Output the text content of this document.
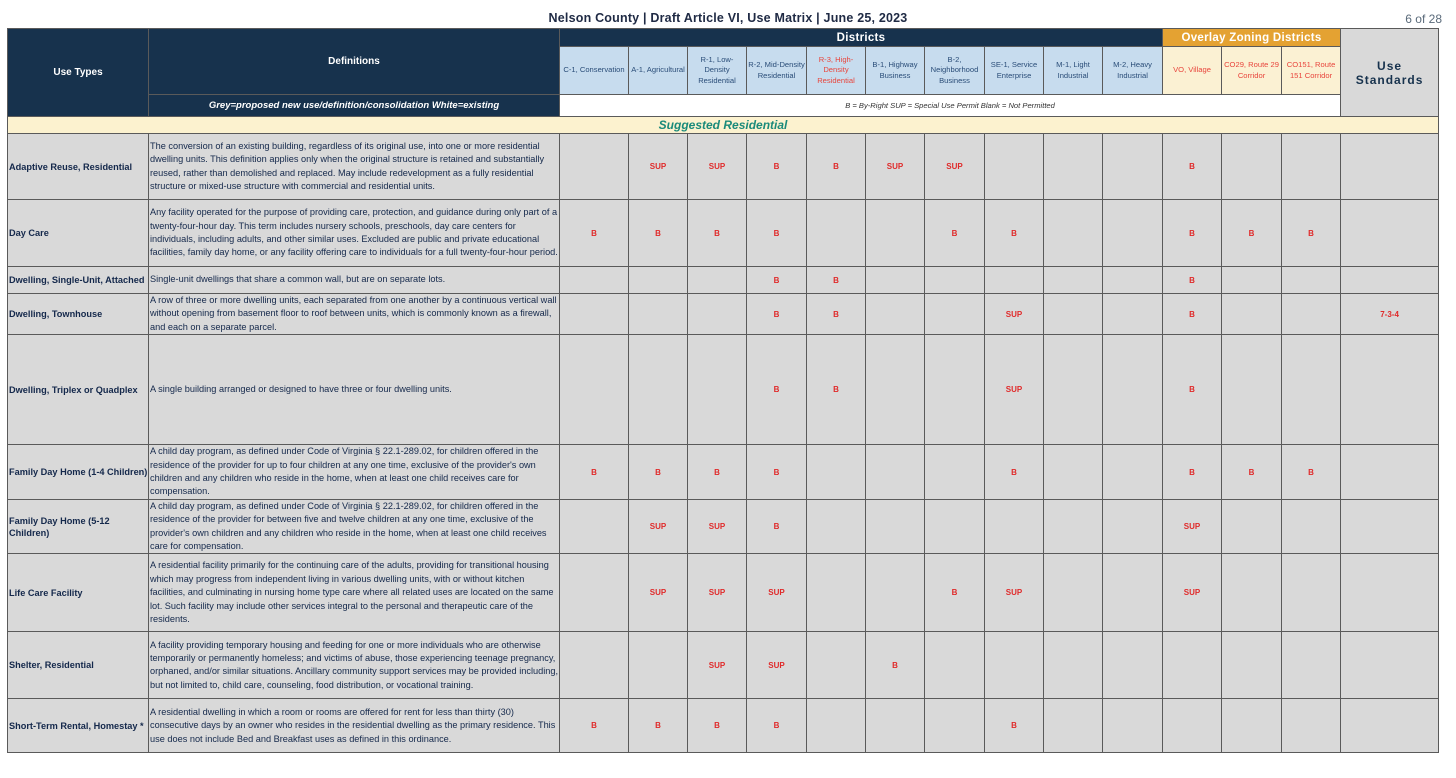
Nelson County | Draft Article VI, Use Matrix | June 25, 2023	6 of 28
Use Types	Definitions	Districts										Overlay Zoning Districts			Use Standards
		C-1, Conservation	A-1, Agricultural	R-1, Low-Density Residential	R-2, Mid-Density Residential	R-3, High-Density Residential	B-1, Highway Business	B-2, Neighborhood Business	SE-1, Service Enterprise	M-1, Light Industrial	M-2, Heavy Industrial	VO, Village	CO29, Route 29 Corridor	CO151, Route 151 Corridor	
	Grey=proposed new use/definition/consolidation White=existing	B = By-Right SUP = Special Use Permit Blank = Not Permitted													
Suggested Residential															
Adaptive Reuse, Residential	The conversion of an existing building, regardless of its original use, into one or more residential dwelling units. This definition applies only when the original structure is retained and substantially reused, rather than demolished and replaced. May include redevelopment as a fully residential structure or mixed-use structure with commercial and residential units.		SUP	SUP	B	B	SUP	SUP				B			
Day Care	Any facility operated for the purpose of providing care, protection, and guidance during only part of a twenty-four-hour day. This term includes nursery schools, preschools, day care centers for individuals, including adults, and other similar uses. Excluded are public and private educational facilities, family day home, or any facility offering care to individuals for a full twenty-four-hour period.	B	B	B	B			B	B			B	B	B	
Dwelling, Single-Unit, Attached	Single-unit dwellings that share a common wall, but are on separate lots.				B	B						B			
Dwelling, Townhouse	A row of three or more dwelling units, each separated from one another by a continuous vertical wall without opening from basement floor to roof between units, which is commonly known as a firewall, and each on a separate parcel.				B	B			SUP			B			7-3-4
Dwelling, Triplex or Quadplex	A single building arranged or designed to have three or four dwelling units.				B	B			SUP			B			
Family Day Home (1-4 Children)	A child day program, as defined under Code of Virginia § 22.1-289.02, for children offered in the residence of the provider for up to four children at any one time, exclusive of the provider's own children and any children who reside in the home, when at least one child receives care for compensation.	B	B	B	B				B			B	B	B	
Family Day Home (5-12 Children)	A child day program, as defined under Code of Virginia § 22.1-289.02, for children offered in the residence of the provider for between five and twelve children at any one time, exclusive of the provider's own children and any children who reside in the home, when at least one child receives care for compensation.		SUP	SUP	B							SUP			
Life Care Facility	A residential facility primarily for the continuing care of the adults, providing for transitional housing which may progress from independent living in various dwelling units, with or without kitchen facilities, and culminating in nursing home type care where all related uses are located on the same lot. Such facility may include other services integral to the personal and therapeutic care of the residents.		SUP	SUP	SUP			B	SUP			SUP			
Shelter, Residential	A facility providing temporary housing and feeding for one or more individuals who are otherwise temporarily or permanently homeless; and victims of abuse, those experiencing teenage pregnancy, orphaned, and/or similar situations. Ancillary community support services may be provided including, but not limited to, child care, counseling, food distribution, or vocational training.			SUP	SUP		B								
Short-Term Rental, Homestay *	A residential dwelling in which a room or rooms are offered for rent for less than thirty (30) consecutive days by an owner who resides in the residential dwelling as the primary residence. This use does not include Bed and Breakfast uses as defined in this ordinance.	B	B	B	B				B						
